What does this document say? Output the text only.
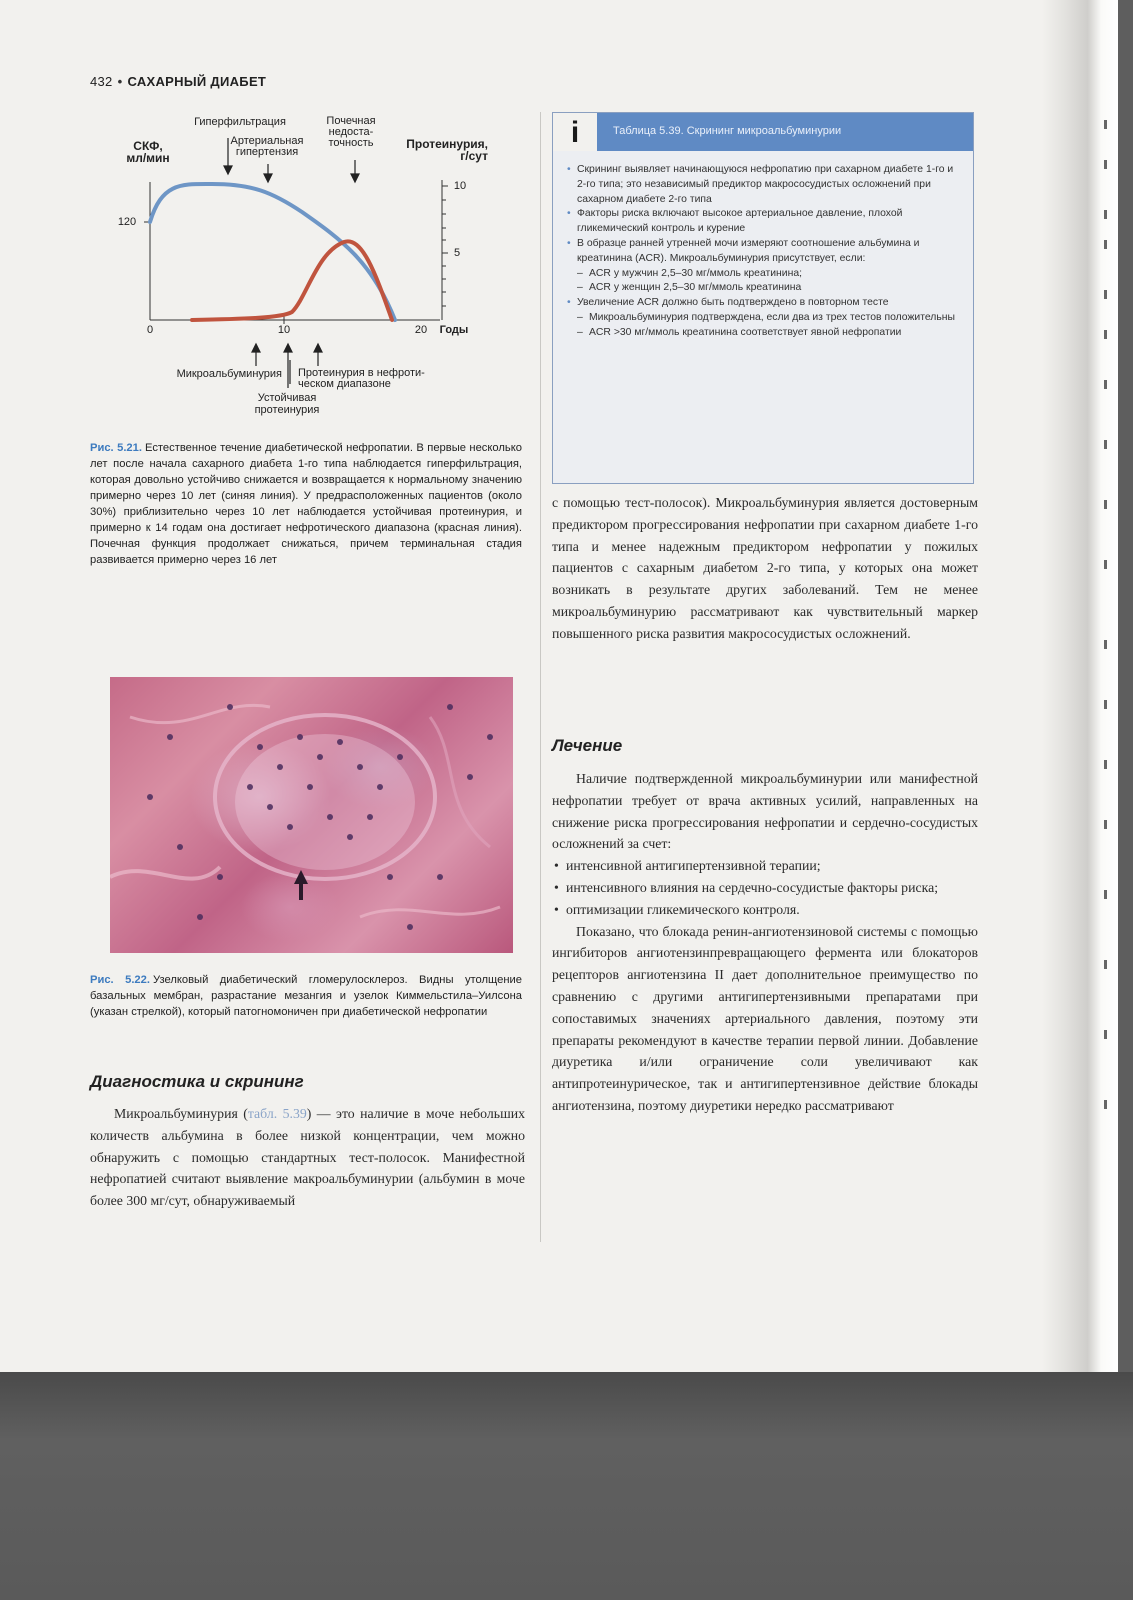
432 • САХАРНЫЙ ДИАБЕТ
Гиперфильтрация
Артериальная
гипертензия
Почечная
недоста-
точность
СКФ,
мл/мин
Протеинурия,
г/сут
120
10
5
0	10	20	Годы
Микроальбуминурия Протеинурия в нефроти-
ческом диапазоне
Устойчивая
протеинурия
Рис. 5.21. Естественное течение диабетической нефропатии. В первые несколько лет после начала сахарного диабета 1-го типа наблюдается гиперфильтрация, которая довольно устойчиво снижается и возвращается к нормальному значению примерно через 10 лет (синяя линия). У предрасположенных пациентов (около 30%) приблизительно через 10 лет наблюдается устойчивая протеинурия, и примерно к 14 годам она достигает нефротического диапазона (красная линия). Почечная функция продолжает снижаться, причем терминальная стадия развивается примерно через 16 лет
Рис. 5.22. Узелковый диабетический гломерулосклероз. Видны утолщение базальных мембран, разрастание мезангия и узелок Киммельстила–Уилсона (указан стрелкой), который патогномоничен при диабетической нефропатии
Диагностика и скрининг

Микроальбуминурия (табл. 5.39) — это наличие в моче небольших количеств альбумина в более низкой концентрации, чем можно обнаружить с помощью стандартных тест-полосок. Манифестной нефропатией считают выявление макроальбуминурии (альбумин в моче более 300 мг/сут, обнаруживаемый

i	Таблица 5.39. Скрининг микроальбуминурии
• Скрининг выявляет начинающуюся нефропатию при сахарном диабете 1-го и 2-го типа; это независимый предиктор макрососудистых осложнений при сахарном диабете 2-го типа
• Факторы риска включают высокое артериальное давление, плохой гликемический контроль и курение
• В образце ранней утренней мочи измеряют соотношение альбумина и креатинина (ACR). Микроальбуминурия присутствует, если:
– ACR у мужчин 2,5–30 мг/ммоль креатинина;
– ACR у женщин 2,5–30 мг/ммоль креатинина
• Увеличение ACR должно быть подтверждено в повторном тесте
– Микроальбуминурия подтверждена, если два из трех тестов положительны
– ACR >30 мг/ммоль креатинина соответствует явной нефропатии

с помощью тест-полосок). Микроальбуминурия является достоверным предиктором прогрессирования нефропатии при сахарном диабете 1-го типа и менее надежным предиктором нефропатии у пожилых пациентов с сахарным диабетом 2-го типа, у которых она может возникать в результате других заболеваний. Тем не менее микроальбуминурию рассматривают как чувствительный маркер повышенного риска развития макрососудистых осложнений.

Лечение

Наличие подтвержденной микроальбуминурии или манифестной нефропатии требует от врача активных усилий, направленных на снижение риска прогрессирования нефропатии и сердечно-сосудистых осложнений за счет:

• интенсивной антигипертензивной терапии;
• интенсивного влияния на сердечно-сосудистые факторы риска;
• оптимизации гликемического контроля.

Показано, что блокада ренин-ангиотензиновой системы с помощью ингибиторов ангиотензинпревращающего фермента или блокаторов рецепторов ангиотензина II дает дополнительное преимущество по сравнению с другими антигипертензивными препаратами при сопоставимых значениях артериального давления, поэтому эти препараты рекомендуют в качестве терапии первой линии. Добавление диуретика и/или ограничение соли увеличивают как антипротеинурическое, так и антигипертензивное действие блокады ангиотензина, поэтому диуретики нередко рассматривают
